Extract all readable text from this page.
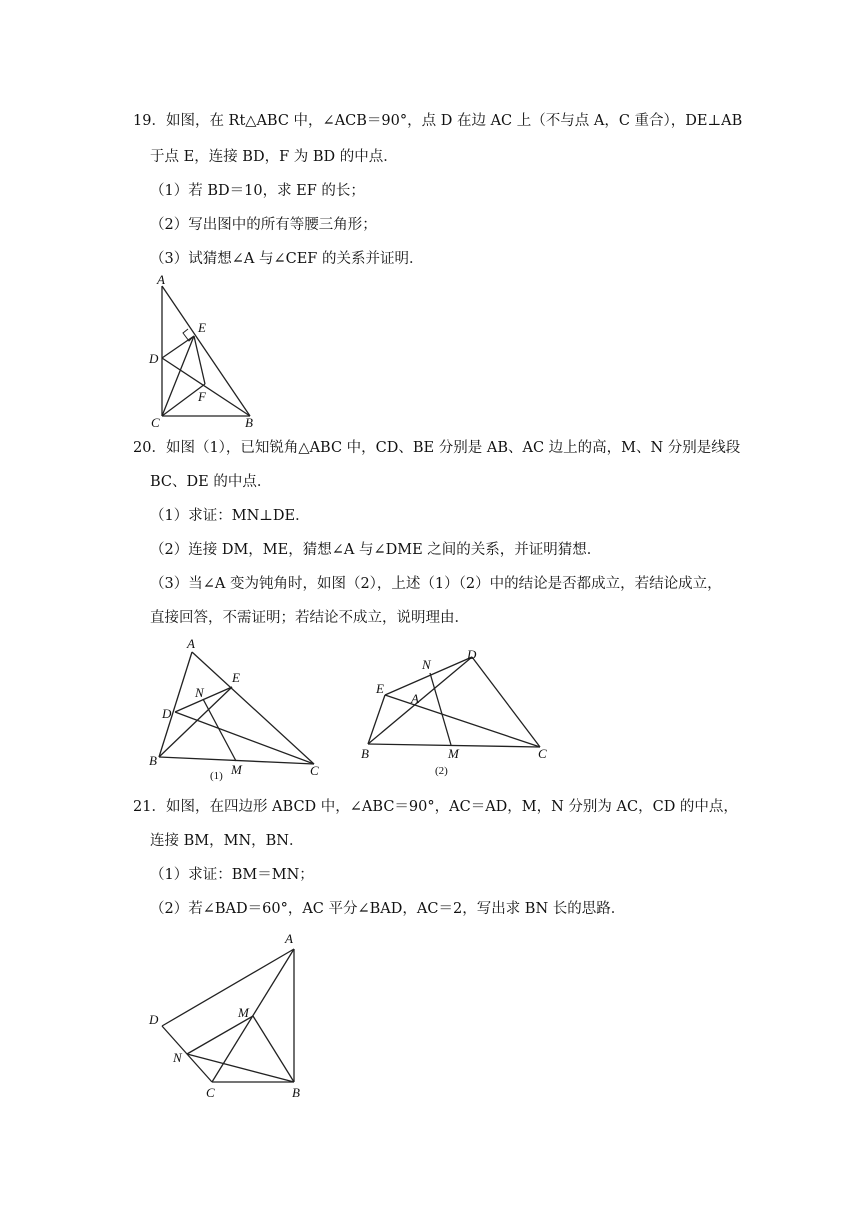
19．如图，在 Rt△ABC 中，∠ACB＝90°，点 D 在边 AC 上（不与点 A，C 重合），DE⊥AB
于点 E，连接 BD，F 为 BD 的中点．
（1）若 BD＝10，求 EF 的长；
（2）写出图中的所有等腰三角形；
（3）试猜想∠A 与∠CEF 的关系并证明．
A
E
D
F
C	B
20．如图（1），已知锐角△ABC 中，CD、BE 分别是 AB、AC 边上的高，M、N 分别是线段
BC、DE 的中点．
（1）求证：MN⊥DE．
（2）连接 DM，ME，猜想∠A 与∠DME 之间的关系，并证明猜想．
（3）当∠A 变为钝角时，如图（2），上述（1）（2）中的结论是否都成立，若结论成立，
直接回答，不需证明；若结论不成立，说明理由．
A
E
N
D
B
M	C
(1)
N
D
E
A
B	M	C
(2)
21．如图，在四边形 ABCD 中，∠ABC＝90°，AC＝AD，M，N 分别为 AC，CD 的中点，
连接 BM，MN，BN．
（1）求证：BM＝MN；
（2）若∠BAD＝60°，AC 平分∠BAD，AC＝2，写出求 BN 长的思路．
A
D	M
N
C	B
